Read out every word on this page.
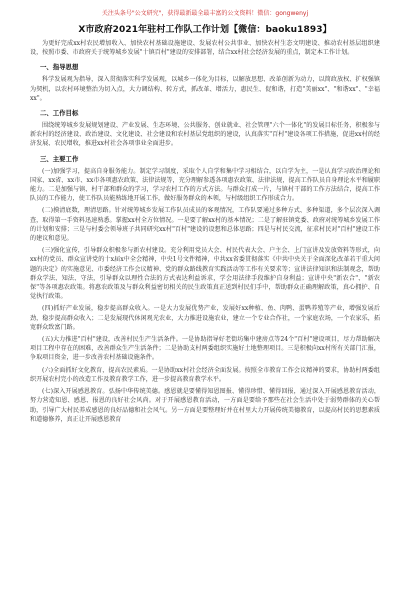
关注头条号"公文研究"，获得最新最全最丰富的公文资料！微信：gongwenyj
X市政府2021年驻村工作队工作计划【微信：baoku1893】

为更好完成xx村农民增加收入、加快农村基础设施建设、发展农村公共事业、加快农村生态文明建设、推动农村基层组织建设，按照市委、市政府关于统筹城乡发展"十镇百村"建设的安排部署，结合xx村社会经济发展的重点，制定本工作计划。

一、指导思想

科学发展观为指导，深入贯彻落实科学发展观，以城乡一体化为目标，以解放思想、改革创新为动力，以简政放权、扩权强镇为契机，以农村环境整治为切入点，大力调结构、转方式，抓改革、增活力，惠民生、促和谐，打造"美丽xx"、"和谐xx"、"幸福xx"。

二、工作目标

围绕统筹城乡发展规划建设、产业发展、生态环境、公共服务、创业就业、社会管理"六个一体化"的发展目标任务，积极参与新农村的经济建设、政治建设、文化建设、社会建设和农村基层党组织的建设，认真落实"百村"建设各项工作措施，促进xx村的经济发展、农民增收，推进xx村社会各项事业全面进步。

三、主要工作

(一)加强学习，提高自身服务能力。制定学习制度，采取个人自学和集中学习相结合，以自学为主，一是认真学习政治理论和国家、xx省、xx市、xx市各项惠农政策、法律法规等，充分理解参透各项惠农政策、法律法规，提高工作队员自身理论水平和履职能力。二是加强与镇、村干部和群众的学习，学习农村工作的方式方法。与群众打成一片，与镇村干部的工作方法结合，提高工作队员的工作能力，使工作队员能熟练地开展工作，做好服务群众的本领，与村级组织工作形成合力。

(二)摸清底数，理清思路。针对统筹城乡发展工作队员成员的客观情况，工作队要通过多种方式、多种渠道，多个层次深入调查，取得第一手资料迅速熟悉。掌握xx村全方位情况。一是要了解xx村的基本情况；二是了解驻镇党委、政府对统筹城乡发展工作的计划和安排；三是与村委会领导班子共同研究xx村"百村"建设的设想和总体思路；四是与村民交流，征求村民对"百村"建设工作的建议和意见。

(三)强化宣传，引导群众积极参与新农村建设。充分利用党员大会、村民代表大会、户主会、上门宣讲及发放资料等形式，向xx村的党员、群众宣讲党的十x届x中全会精神，中央1号文件精神，中共xx省委贯彻落实《中共中央关于全面深化改革若干重大问题的决定》的实施意见、市委经济工作会议精神、党的群众路线教育实践活动等工作有关要求等；宣讲法律知识和法制观念，帮助群众学法、知法、守法，引导群众以理性合法的方式表达利益诉求，学会用法律手段维护自身利益；宣讲中央"新农合"、"新农保"等各项惠农政策。将惠农政策及与群众利益密切相关的民生政策真正送到村民们手中，帮助群众正确理解政策，真心拥护、自觉执行政策。

(四)抓好产业发展，稳步提高群众收入。一是大力发展优势产业，发展好xx种植、鱼、肉鸭、蛋鸭养殖等产业，增强发展后劲，稳步提高群众收入；二是发展现代休闲观光农业，大力推进设施农业，建立一个专业合作社，一个家庭农场，一个农家乐，拓宽群众致富门路。

(五)大力推进"百村"建设，改善村民生产生活条件。一是协助指导好老街坊集中建房点等24个"百村"建设项目，尽力帮助解决项目工程中存在的困难，改善群众生产生活条件；二是协助支村两委组织实施好土地整理项目。三是积极向xx村所有关部门汇报，争取项目资金，进一步改善农村基础设施条件。

(六)全面抓好文化教育，提高农民素质。一是协助xx村社会经济全面发展。按照全市教育工作会议精神的要求，协助村两委组织开展农村完小的改造工作及教育教学工作，进一步提高教育教学水平。

(七)深入开展感恩教育。弘扬中华传统美德。感恩就是要懂得知恩图报、懂得珍惜、懂得回报，通过深入开展感恩教育活动，努力营造知恩、感恩、报恩的良好社会风尚。对于开展感恩教育活动，一方面是要给予那些在社会生活中处于弱势群体的关心帮助，引导广大村民养成感恩的良好品德和社会风气。另一方面是要整理好并在村里大力开展传统美德教育，以提高村民的思想素质和道德修养，真正让开展感恩教育
